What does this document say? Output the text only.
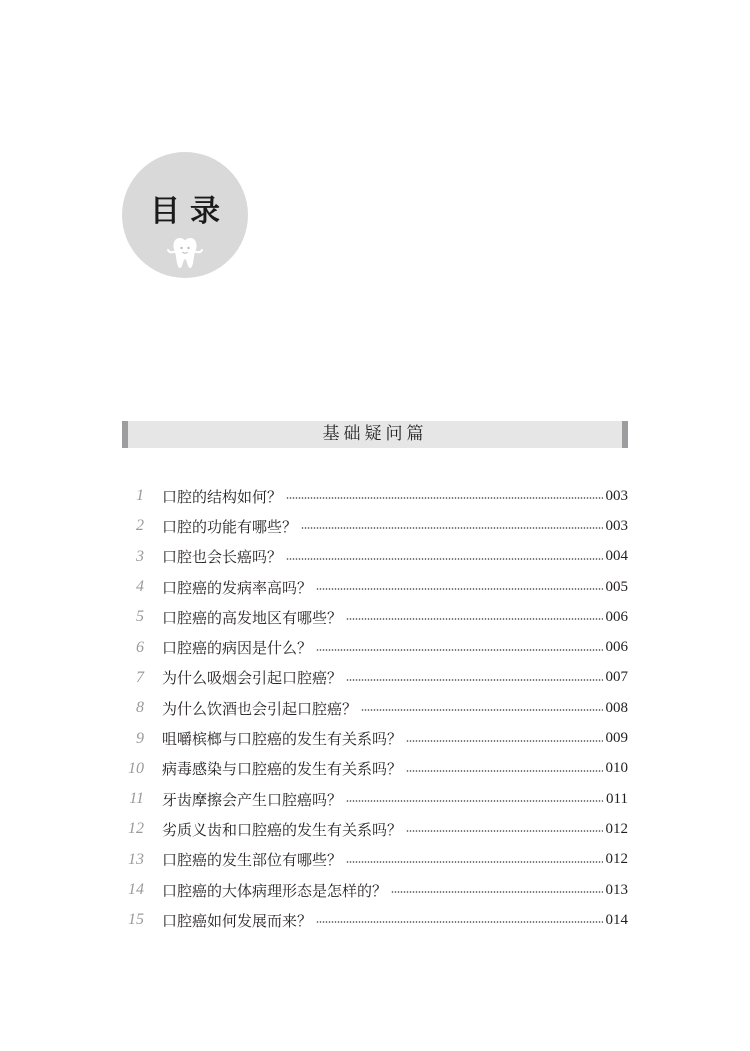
目录
基础疑问篇
1 口腔的结构如何？	003
2 口腔的功能有哪些？	003
3 口腔也会长癌吗？	004
4 口腔癌的发病率高吗？	005
5 口腔癌的高发地区有哪些？	006
6 口腔癌的病因是什么？	006
7 为什么吸烟会引起口腔癌？	007
8 为什么饮酒也会引起口腔癌？	008
9 咀嚼槟榔与口腔癌的发生有关系吗？	009
10 病毒感染与口腔癌的发生有关系吗？	010
11 牙齿摩擦会产生口腔癌吗？	011
12 劣质义齿和口腔癌的发生有关系吗？	012
13 口腔癌的发生部位有哪些？	012
14 口腔癌的大体病理形态是怎样的？	013
15 口腔癌如何发展而来？	014
